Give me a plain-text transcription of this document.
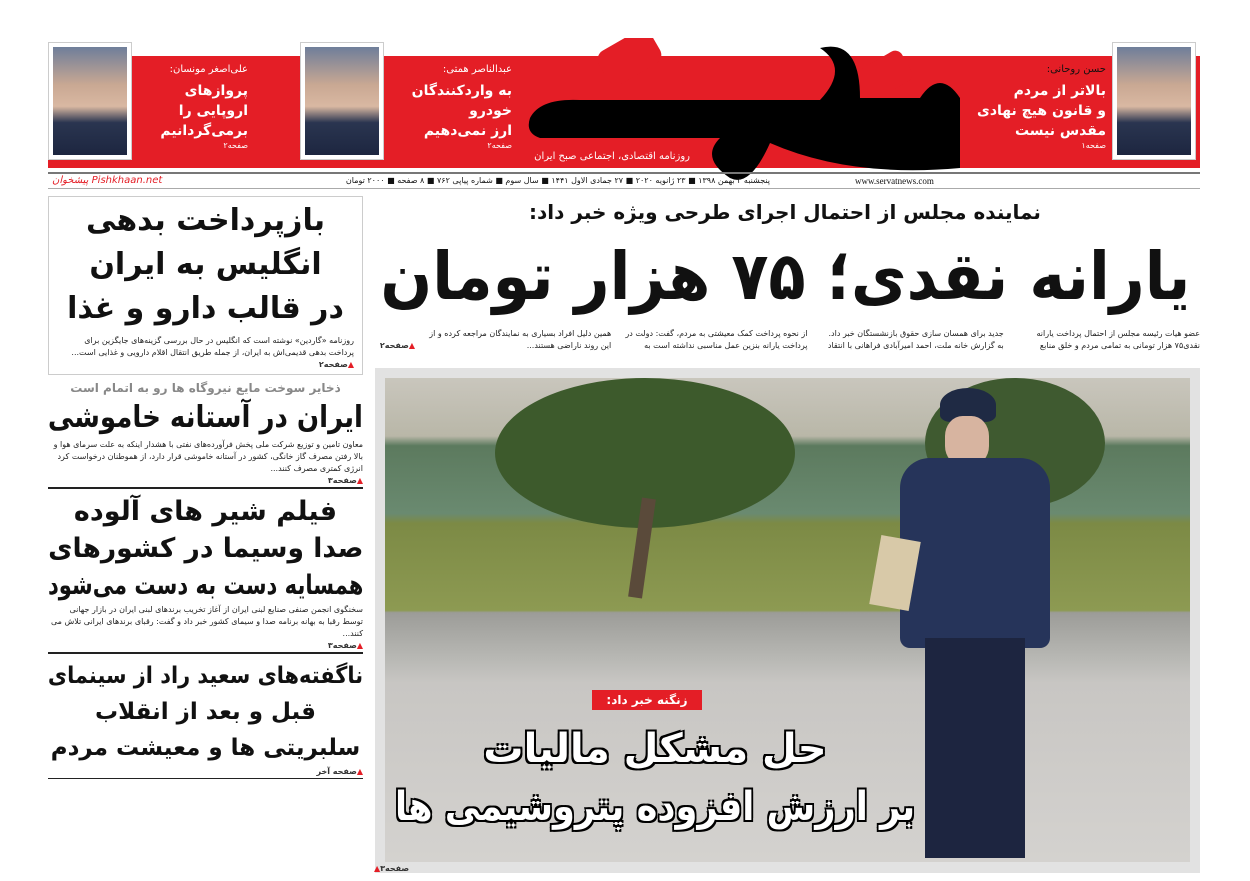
حسن روحانی:
بالاتر از مردم
و قانون هیچ نهادی
مقدس نیست
صفحه۱
روزنامه اقتصادی، اجتماعی صبح ایران
عبدالناصر همتی:
به واردکنندگان
خودرو
ارز نمی‌دهیم
صفحه۲
علی‌اصغر مونسان:
پروازهای
اروپایی را
برمی‌گردانیم
صفحه۲
پنجشنبه ۳ بهمن ۱۳۹۸ ■ ۲۳ ژانویه ۲۰۲۰ ■ ۲۷ جمادی الاول ۱۴۴۱ ■ سال سوم ■ شماره پیاپی ۷۶۲ ■ ۸ صفحه ■ ۲۰۰۰ تومان	www.servatnews.com
پیشخوان Pishkhaan.net
نماینده مجلس از احتمال اجرای طرحی ویژه خبر داد:
یارانه نقدی؛ ۷۵ هزار تومان
عضو هیات رئیسه مجلس از احتمال پرداخت یارانه نقدی۷۵ هزار تومانی به تمامی مردم و خلق منابع
جدید برای همسان سازی حقوق بازنشستگان خبر داد. به گزارش خانه ملت، احمد امیرآبادی فراهانی با انتقاد
از نحوه پرداخت کمک معیشتی به مردم، گفت: دولت در پرداخت یارانه بنزین عمل مناسبی نداشته است به
همین دلیل افراد بسیاری به نمایندگان مراجعه کرده و از این روند ناراضی هستند...
▲صفحه۲
زنگنه خبر داد:
حل مشکل مالیات
بر ارزش افزوده پتروشیمی ها
▲صفحه۳
بازپرداخت بدهی
انگلیس به ایران
در قالب دارو و غذا
روزنامه «گاردین» نوشته است که انگلیس در حال بررسی گزینه‌های جایگزین برای پرداخت بدهی قدیمی‌اش به ایران، از جمله طریق انتقال اقلام دارویی و غذایی است...
▲صفحه۲
ذخایر سوخت مایع نیروگاه ها رو به اتمام است
ایران در آستانه خاموشی
معاون تامین و توزیع شرکت ملی پخش فرآورده‌های نفتی با هشدار اینکه به علت سرمای هوا و بالا رفتن مصرف گاز خانگی، کشور در آستانه خاموشی قرار دارد، از هموطنان درخواست کرد انرژی کمتری مصرف کنند...
▲صفحه۳
فیلم شیر های آلوده
صدا وسیما در کشورهای
همسایه دست به دست می‌شود
سخنگوی انجمن صنفی صنایع لبنی ایران از آغاز تخریب برندهای لبنی ایران در بازار جهانی توسط رقبا به بهانه برنامه صدا و سیمای کشور خبر داد و گفت: رقبای برندهای ایرانی تلاش می کنند...
▲صفحه۳
ناگفته‌های سعید راد از سینمای
قبل و بعد از انقلاب
سلبریتی ها و معیشت مردم
▲صفحه آخر
